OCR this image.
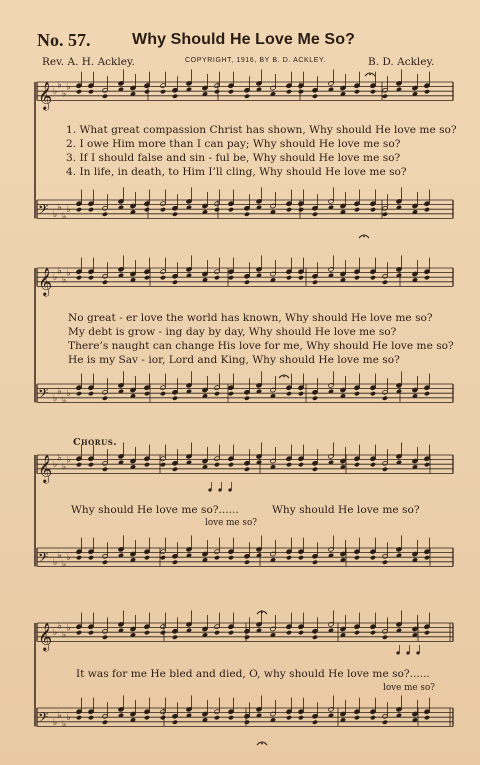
No. 57.	Why Should He Love Me So?
Rev. A. H. Ackley.	COPYRIGHT, 1916, BY B. D. ACKLEY.	B. D. Ackley.
𝄞 ♭
♭
♭
♭
𝄢 ♭
♭
♭
♭
𝄞 ♭
♭
♭
♭
𝄢 ♭
♭
♭
♭
𝄞 ♭
♭
♭
♭
𝄢 ♭
♭
♭
♭
𝄞 ♭
♭
♭
♭
𝄢 ♭
♭
♭
♭
1. What great compassion Christ has shown, Why should He love me so?
2. I owe Him more than I can pay; Why should He love me so?
3. If I should false and sin - ful be, Why should He love me so?
4. In life, in death, to Him I’ll cling, Why should He love me so?
No great - er love the world has known, Why should He love me so?
My debt is grow - ing day by day, Why should He love me so?
There’s naught can change His love for me, Why should He love me so?
He is my Sav - ior, Lord and King, Why should He love me so?
Chorus.
Why should He love me so?......	Why should He love me so?
love me so?
It was for me He bled and died, O, why should He love me so?......
love me so?
